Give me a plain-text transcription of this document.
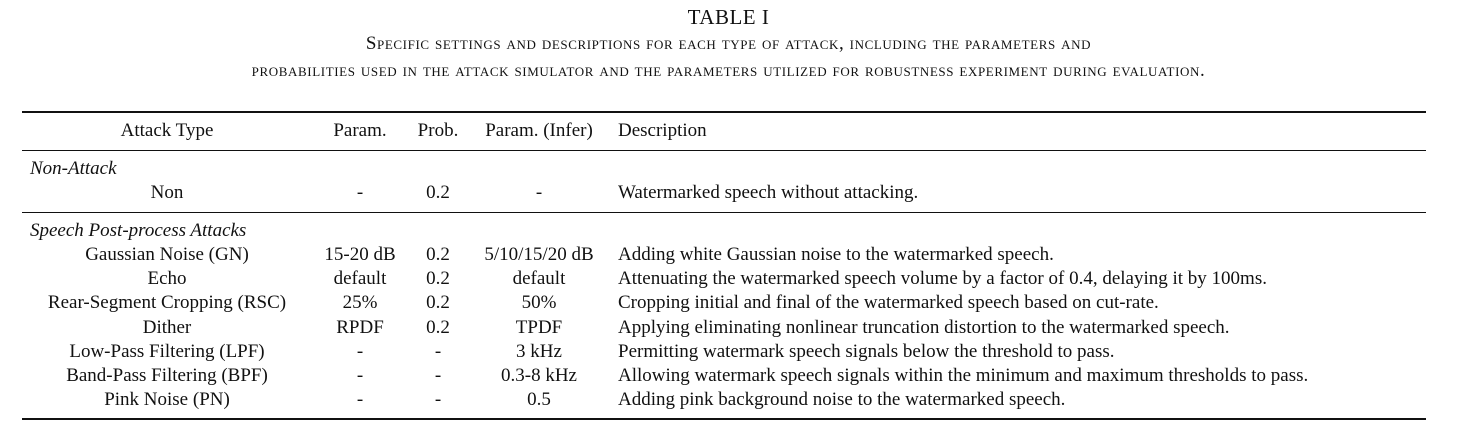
TABLE I
Specific settings and descriptions for each type of attack, including the parameters and
probabilities used in the attack simulator and the parameters utilized for robustness experiment during evaluation.
Attack Type	Param.	Prob.	Param. (Infer)	Description
Non-Attack
Non	-	0.2	-	Watermarked speech without attacking.
Speech Post-process Attacks
Gaussian Noise (GN)	15-20 dB	0.2	5/10/15/20 dB	Adding white Gaussian noise to the watermarked speech.
Echo	default	0.2	default	Attenuating the watermarked speech volume by a factor of 0.4, delaying it by 100ms.
Rear-Segment Cropping (RSC)	25%	0.2	50%	Cropping initial and final of the watermarked speech based on cut-rate.
Dither	RPDF	0.2	TPDF	Applying eliminating nonlinear truncation distortion to the watermarked speech.
Low-Pass Filtering (LPF)	-	-	3 kHz	Permitting watermark speech signals below the threshold to pass.
Band-Pass Filtering (BPF)	-	-	0.3-8 kHz	Allowing watermark speech signals within the minimum and maximum thresholds to pass.
Pink Noise (PN)	-	-	0.5	Adding pink background noise to the watermarked speech.
